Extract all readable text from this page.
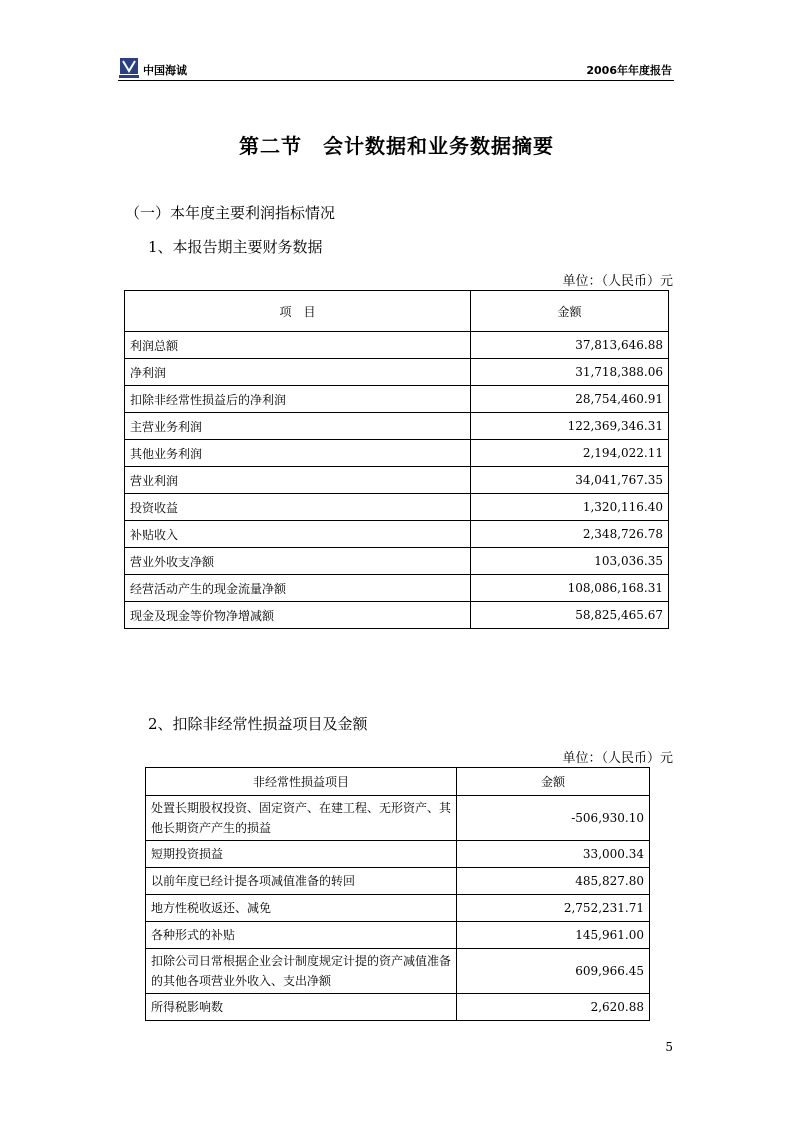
中国海诚	2006年年度报告
第二节　会计数据和业务数据摘要
（一）本年度主要利润指标情况
1、本报告期主要财务数据
单位：（人民币）元
项　目	金额
利润总额	37,813,646.88
净利润	31,718,388.06
扣除非经常性损益后的净利润	28,754,460.91
主营业务利润	122,369,346.31
其他业务利润	2,194,022.11
营业利润	34,041,767.35
投资收益	1,320,116.40
补贴收入	2,348,726.78
营业外收支净额	103,036.35
经营活动产生的现金流量净额	108,086,168.31
现金及现金等价物净增减额	58,825,465.67
2、扣除非经常性损益项目及金额
单位：（人民币）元
非经常性损益项目	金额
处置长期股权投资、固定资产、在建工程、无形资产、其他长期资产产生的损益	-506,930.10
短期投资损益	33,000.34
以前年度已经计提各项减值准备的转回	485,827.80
地方性税收返还、减免	2,752,231.71
各种形式的补贴	145,961.00
扣除公司日常根据企业会计制度规定计提的资产减值准备的其他各项营业外收入、支出净额	609,966.45
所得税影响数	2,620.88
5
